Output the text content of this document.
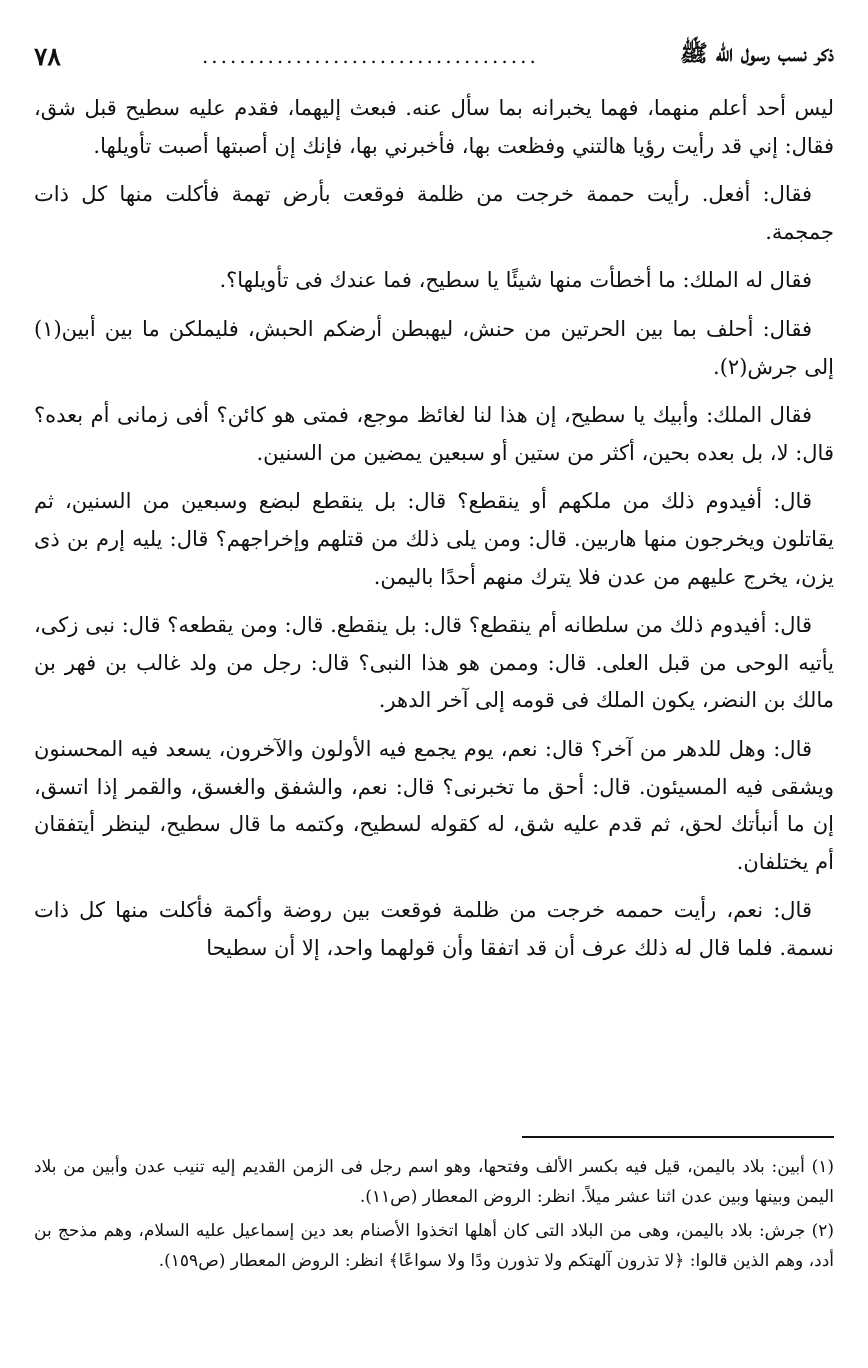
ذكر نسب رسول الله ﷺ
....................................
٧٨

ليس أحد أعلم منهما، فهما يخبرانه بما سأل عنه. فبعث إليهما، فقدم عليه سطيح قبل شق، فقال: إني قد رأيت رؤيا هالتني وفظعت بها، فأخبرني بها، فإنك إن أصبتها أصبت تأويلها.

فقال: أفعل. رأيت حممة خرجت من ظلمة فوقعت بأرض تهمة فأكلت منها كل ذات جمجمة.

فقال له الملك: ما أخطأت منها شيئًا يا سطيح، فما عندك فى تأويلها؟.

فقال: أحلف بما بين الحرتين من حنش، ليهبطن أرضكم الحبش، فليملكن ما بين أبين(١) إلى جرش(٢).

فقال الملك: وأبيك يا سطيح، إن هذا لنا لغائظ موجع، فمتى هو كائن؟ أفى زمانى أم بعده؟ قال: لا، بل بعده بحين، أكثر من ستين أو سبعين يمضين من السنين.

قال: أفيدوم ذلك من ملكهم أو ينقطع؟ قال: بل ينقطع لبضع وسبعين من السنين، ثم يقاتلون ويخرجون منها هاربين. قال: ومن يلى ذلك من قتلهم وإخراجهم؟ قال: يليه إرم بن ذى يزن، يخرج عليهم من عدن فلا يترك منهم أحدًا باليمن.

قال: أفيدوم ذلك من سلطانه أم ينقطع؟ قال: بل ينقطع. قال: ومن يقطعه؟ قال: نبى زكى، يأتيه الوحى من قبل العلى. قال: وممن هو هذا النبى؟ قال: رجل من ولد غالب بن فهر بن مالك بن النضر، يكون الملك فى قومه إلى آخر الدهر.

قال: وهل للدهر من آخر؟ قال: نعم، يوم يجمع فيه الأولون والآخرون، يسعد فيه المحسنون ويشقى فيه المسيئون. قال: أحق ما تخبرنى؟ قال: نعم، والشفق والغسق، والقمر إذا اتسق، إن ما أنبأتك لحق، ثم قدم عليه شق، له كقوله لسطيح، وكتمه ما قال سطيح، لينظر أيتفقان أم يختلفان.

قال: نعم، رأيت حممه خرجت من ظلمة فوقعت بين روضة وأكمة فأكلت منها كل ذات نسمة. فلما قال له ذلك عرف أن قد اتفقا وأن قولهما واحد، إلا أن سطيحا

(١) أبين: بلاد باليمن، قيل فيه بكسر الألف وفتحها، وهو اسم رجل فى الزمن القديم إليه تنيب عدن وأبين من بلاد اليمن وبينها وبين عدن اثنا عشر ميلاً. انظر: الروض المعطار (ص١١).

(٢) جرش: بلاد باليمن، وهى من البلاد التى كان أهلها اتخذوا الأصنام بعد دين إسماعيل عليه السلام، وهم مذحج بن أدد، وهم الذين قالوا: ﴿لا تذرون آلهتكم ولا تذورن ودًا ولا سواعًا﴾ انظر: الروض المعطار (ص١٥٩).
